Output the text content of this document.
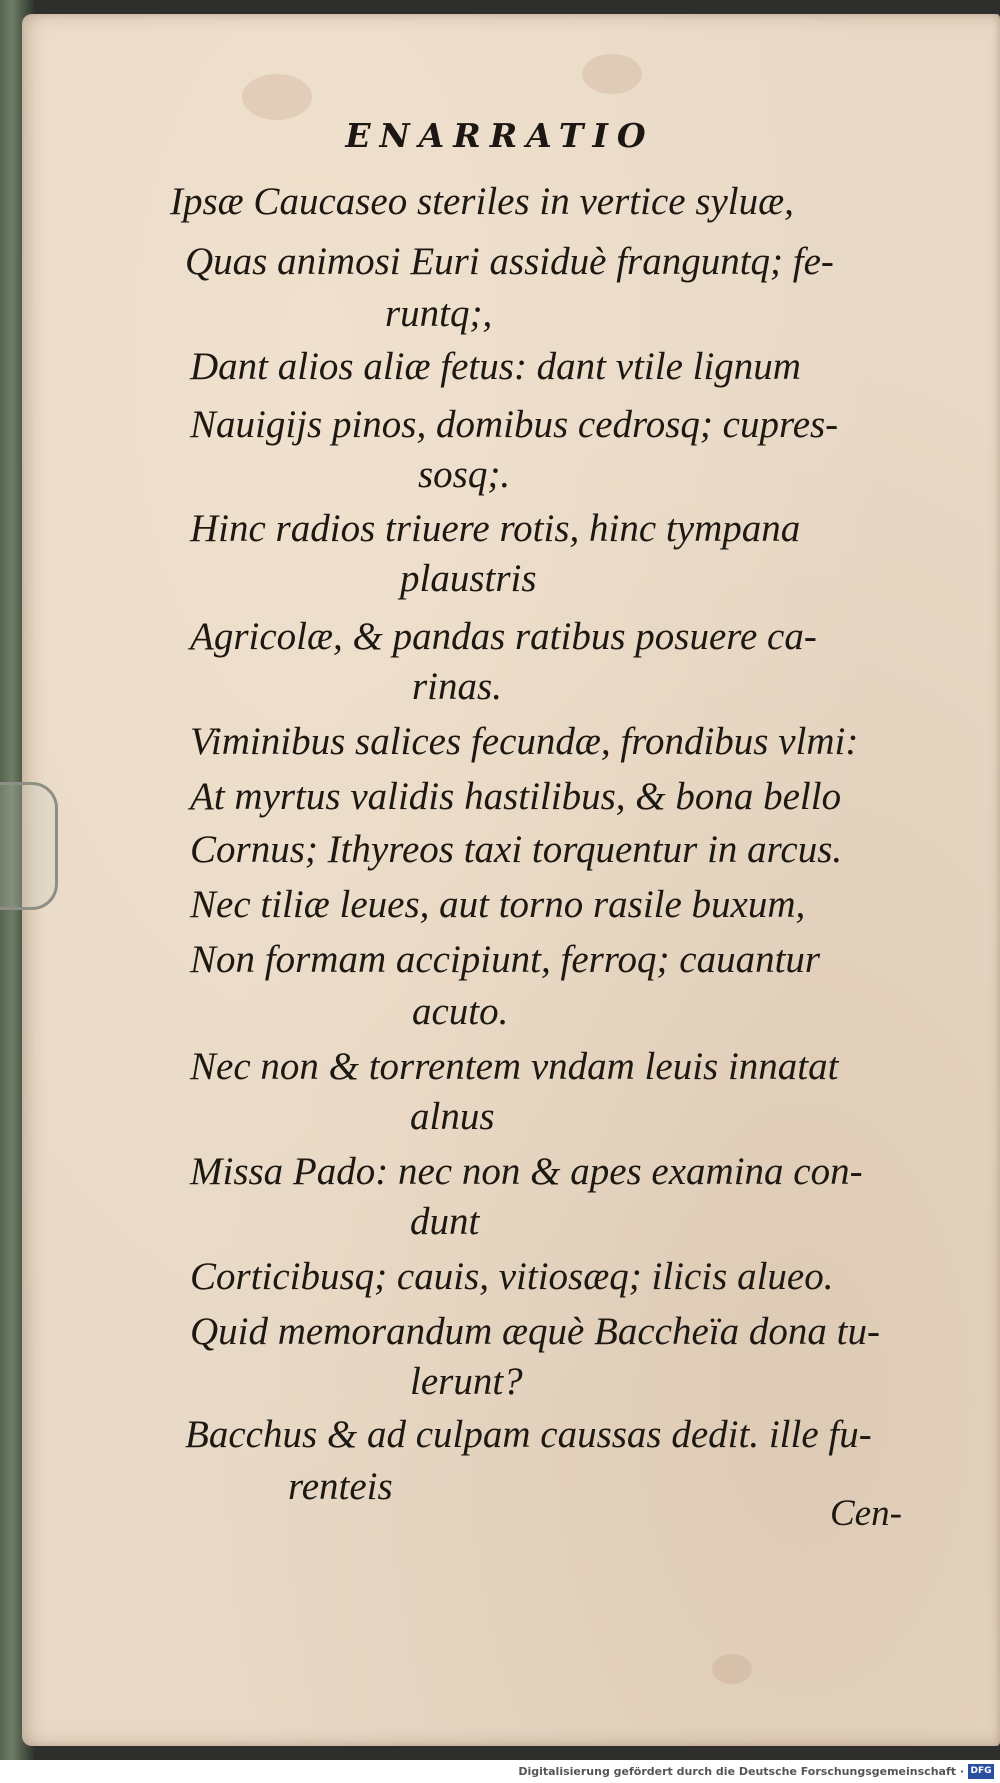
ENARRATIO
Ipsæ Caucaseo steriles in vertice syluæ,
Quas animosi Euri assiduè franguntq; fe-
runtq;,
Dant alios aliæ fetus: dant vtile lignum
Nauigijs pinos, domibus cedrosq; cupres-
sosq;.
Hinc radios triuere rotis, hinc tympana
plaustris
Agricolæ, & pandas ratibus posuere ca-
rinas.
Viminibus salices fecundæ, frondibus vlmi:
At myrtus validis hastilibus, & bona bello
Cornus; Ithyreos taxi torquentur in arcus.
Nec tiliæ leues, aut torno rasile buxum,
Non formam accipiunt, ferroq; cauantur
acuto.
Nec non & torrentem vndam leuis innatat
alnus
Missa Pado: nec non & apes examina con-
dunt
Corticibusq; cauis, vitiosæq; ilicis alueo.
Quid memorandum æquè Baccheïa dona tu-
lerunt?
Bacchus & ad culpam caussas dedit. ille fu-
renteis
Cen-
Digitalisierung gefördert durch die Deutsche Forschungsgemeinschaft · DFG
